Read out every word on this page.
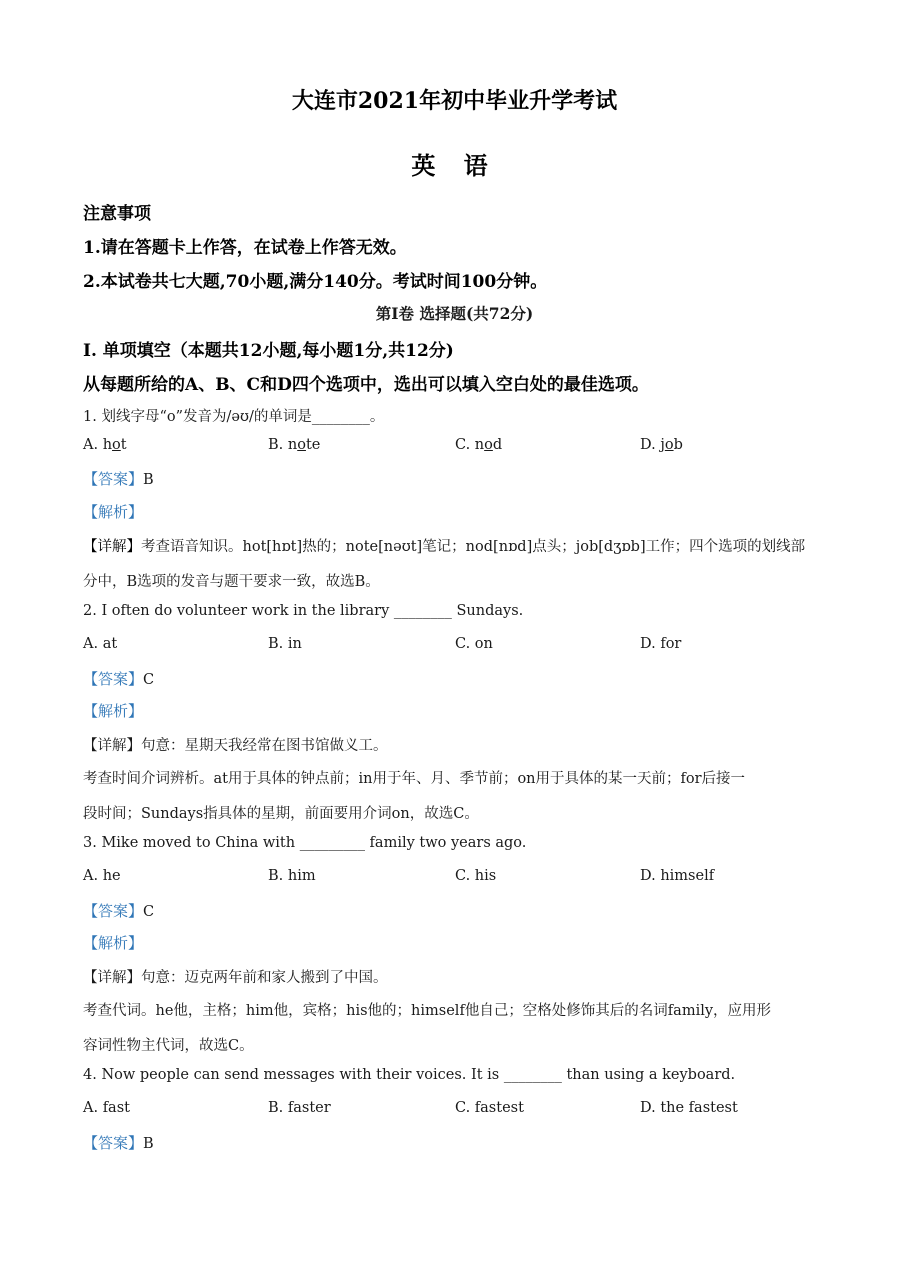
大连市2021年初中毕业升学考试
英 语
注意事项
1.请在答题卡上作答，在试卷上作答无效。
2.本试卷共七大题,70小题,满分140分。考试时间100分钟。
第Ⅰ卷 选择题(共72分)
Ⅰ. 单项填空（本题共12小题,每小题1分,共12分)
从每题所给的A、B、C和D四个选项中，选出可以填入空白处的最佳选项。
1. 划线字母“o”发音为/əʊ/的单词是________。
A. hot	B. note	C. nod	D. job
【答案】B
【解析】
【详解】考查语音知识。hot[hɒt]热的；note[nəʊt]笔记；nod[nɒd]点头；job[dʒɒb]工作；四个选项的划线部
分中，B选项的发音与题干要求一致，故选B。
2. I often do volunteer work in the library ________ Sundays.
A. at	B. in	C. on	D. for
【答案】C
【解析】
【详解】句意：星期天我经常在图书馆做义工。
考查时间介词辨析。at用于具体的钟点前；in用于年、月、季节前；on用于具体的某一天前；for后接一
段时间；Sundays指具体的星期，前面要用介词on，故选C。
3. Mike moved to China with _________ family two years ago.
A. he	B. him	C. his	D. himself
【答案】C
【解析】
【详解】句意：迈克两年前和家人搬到了中国。
考查代词。he他，主格；him他，宾格；his他的；himself他自己；空格处修饰其后的名词family，应用形
容词性物主代词，故选C。
4. Now people can send messages with their voices. It is ________ than using a keyboard.
A. fast	B. faster	C. fastest	D. the fastest
【答案】B
